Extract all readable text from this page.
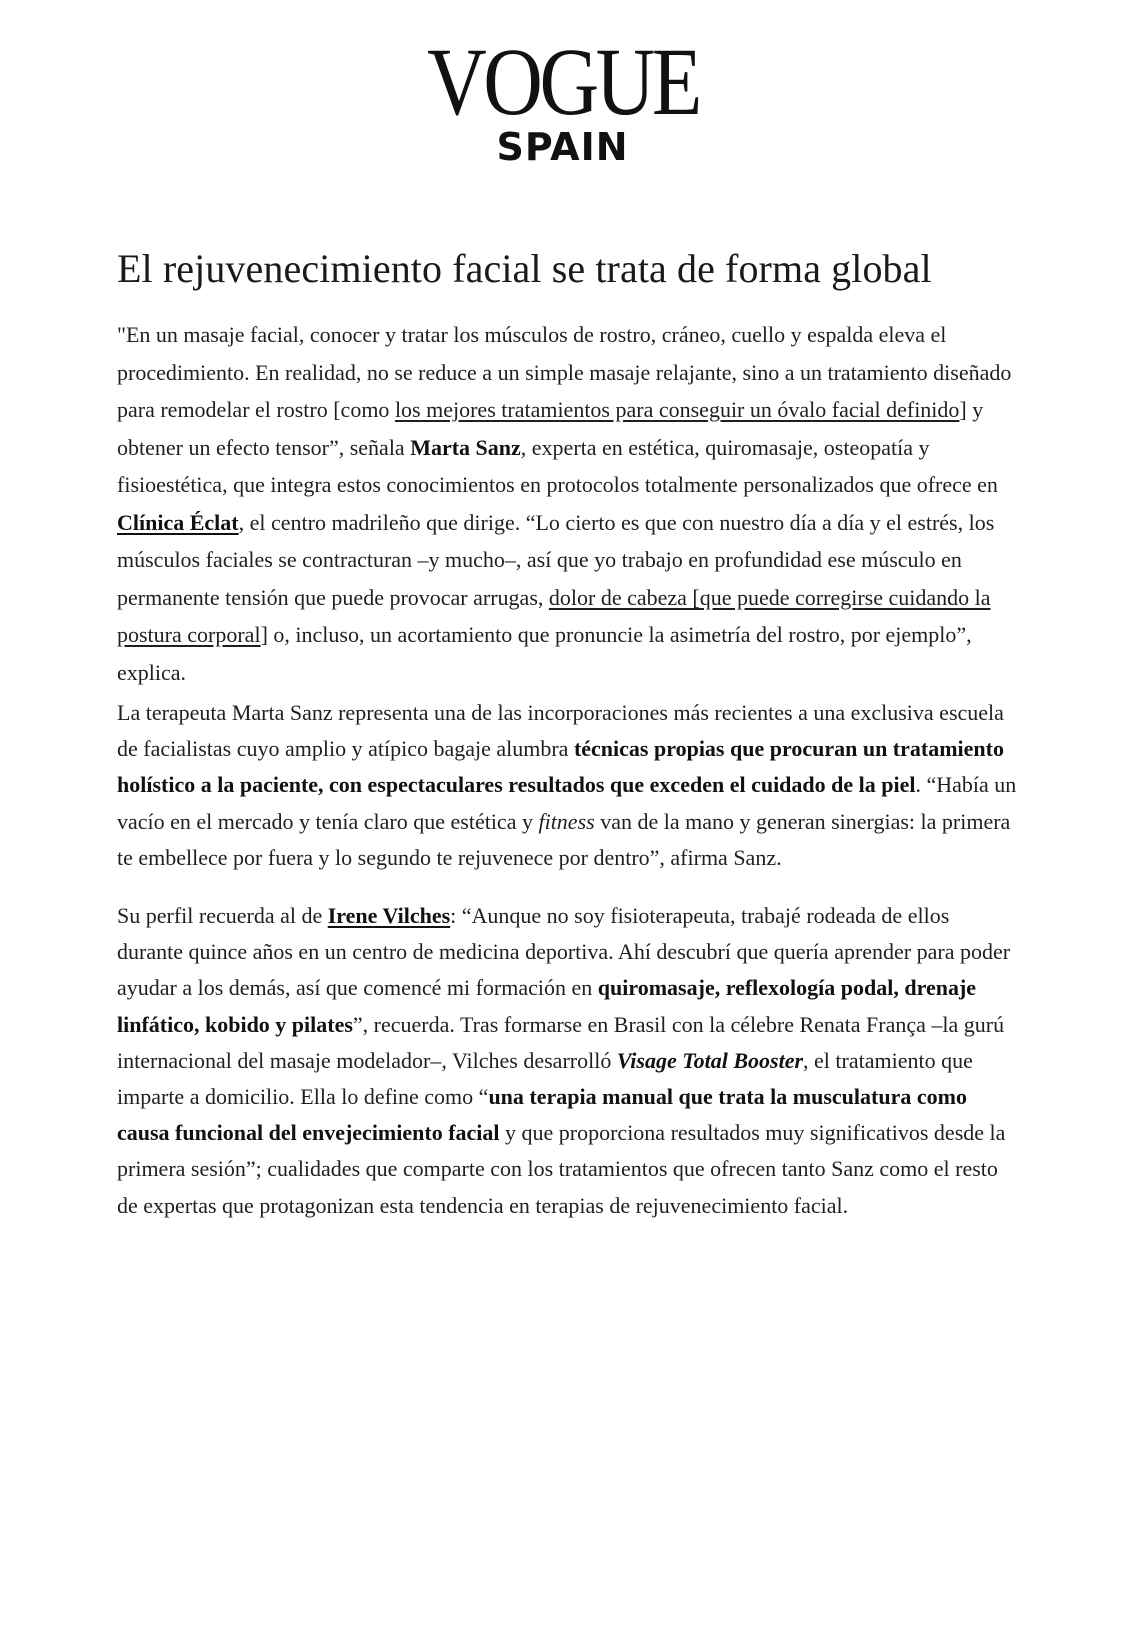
VOGUE
SPAIN
El rejuvenecimiento facial se trata de forma global

"En un masaje facial, conocer y tratar los músculos de rostro, cráneo, cuello y espalda eleva el procedimiento. En realidad, no se reduce a un simple masaje relajante, sino a un tratamiento diseñado para remodelar el rostro [como los mejores tratamientos para conseguir un óvalo facial definido] y obtener un efecto tensor”, señala Marta Sanz, experta en estética, quiromasaje, osteopatía y fisioestética, que integra estos conocimientos en protocolos totalmente personalizados que ofrece en Clínica Éclat, el centro madrileño que dirige. “Lo cierto es que con nuestro día a día y el estrés, los músculos faciales se contracturan –y mucho–, así que yo trabajo en profundidad ese músculo en permanente tensión que puede provocar arrugas, dolor de cabeza [que puede corregirse cuidando la postura corporal] o, incluso, un acortamiento que pronuncie la asimetría del rostro, por ejemplo”, explica.

La terapeuta Marta Sanz representa una de las incorporaciones más recientes a una exclusiva escuela de facialistas cuyo amplio y atípico bagaje alumbra técnicas propias que procuran un tratamiento holístico a la paciente, con espectaculares resultados que exceden el cuidado de la piel. “Había un vacío en el mercado y tenía claro que estética y fitness van de la mano y generan sinergias: la primera te embellece por fuera y lo segundo te rejuvenece por dentro”, afirma Sanz.

Su perfil recuerda al de Irene Vilches: “Aunque no soy fisioterapeuta, trabajé rodeada de ellos durante quince años en un centro de medicina deportiva. Ahí descubrí que quería aprender para poder ayudar a los demás, así que comencé mi formación en quiromasaje, reflexología podal, drenaje linfático, kobido y pilates”, recuerda. Tras formarse en Brasil con la célebre Renata França –la gurú internacional del masaje modelador–, Vilches desarrolló Visage Total Booster, el tratamiento que imparte a domicilio. Ella lo define como “una terapia manual que trata la musculatura como causa funcional del envejecimiento facial y que proporciona resultados muy significativos desde la primera sesión”; cualidades que comparte con los tratamientos que ofrecen tanto Sanz como el resto de expertas que protagonizan esta tendencia en terapias de rejuvenecimiento facial.
